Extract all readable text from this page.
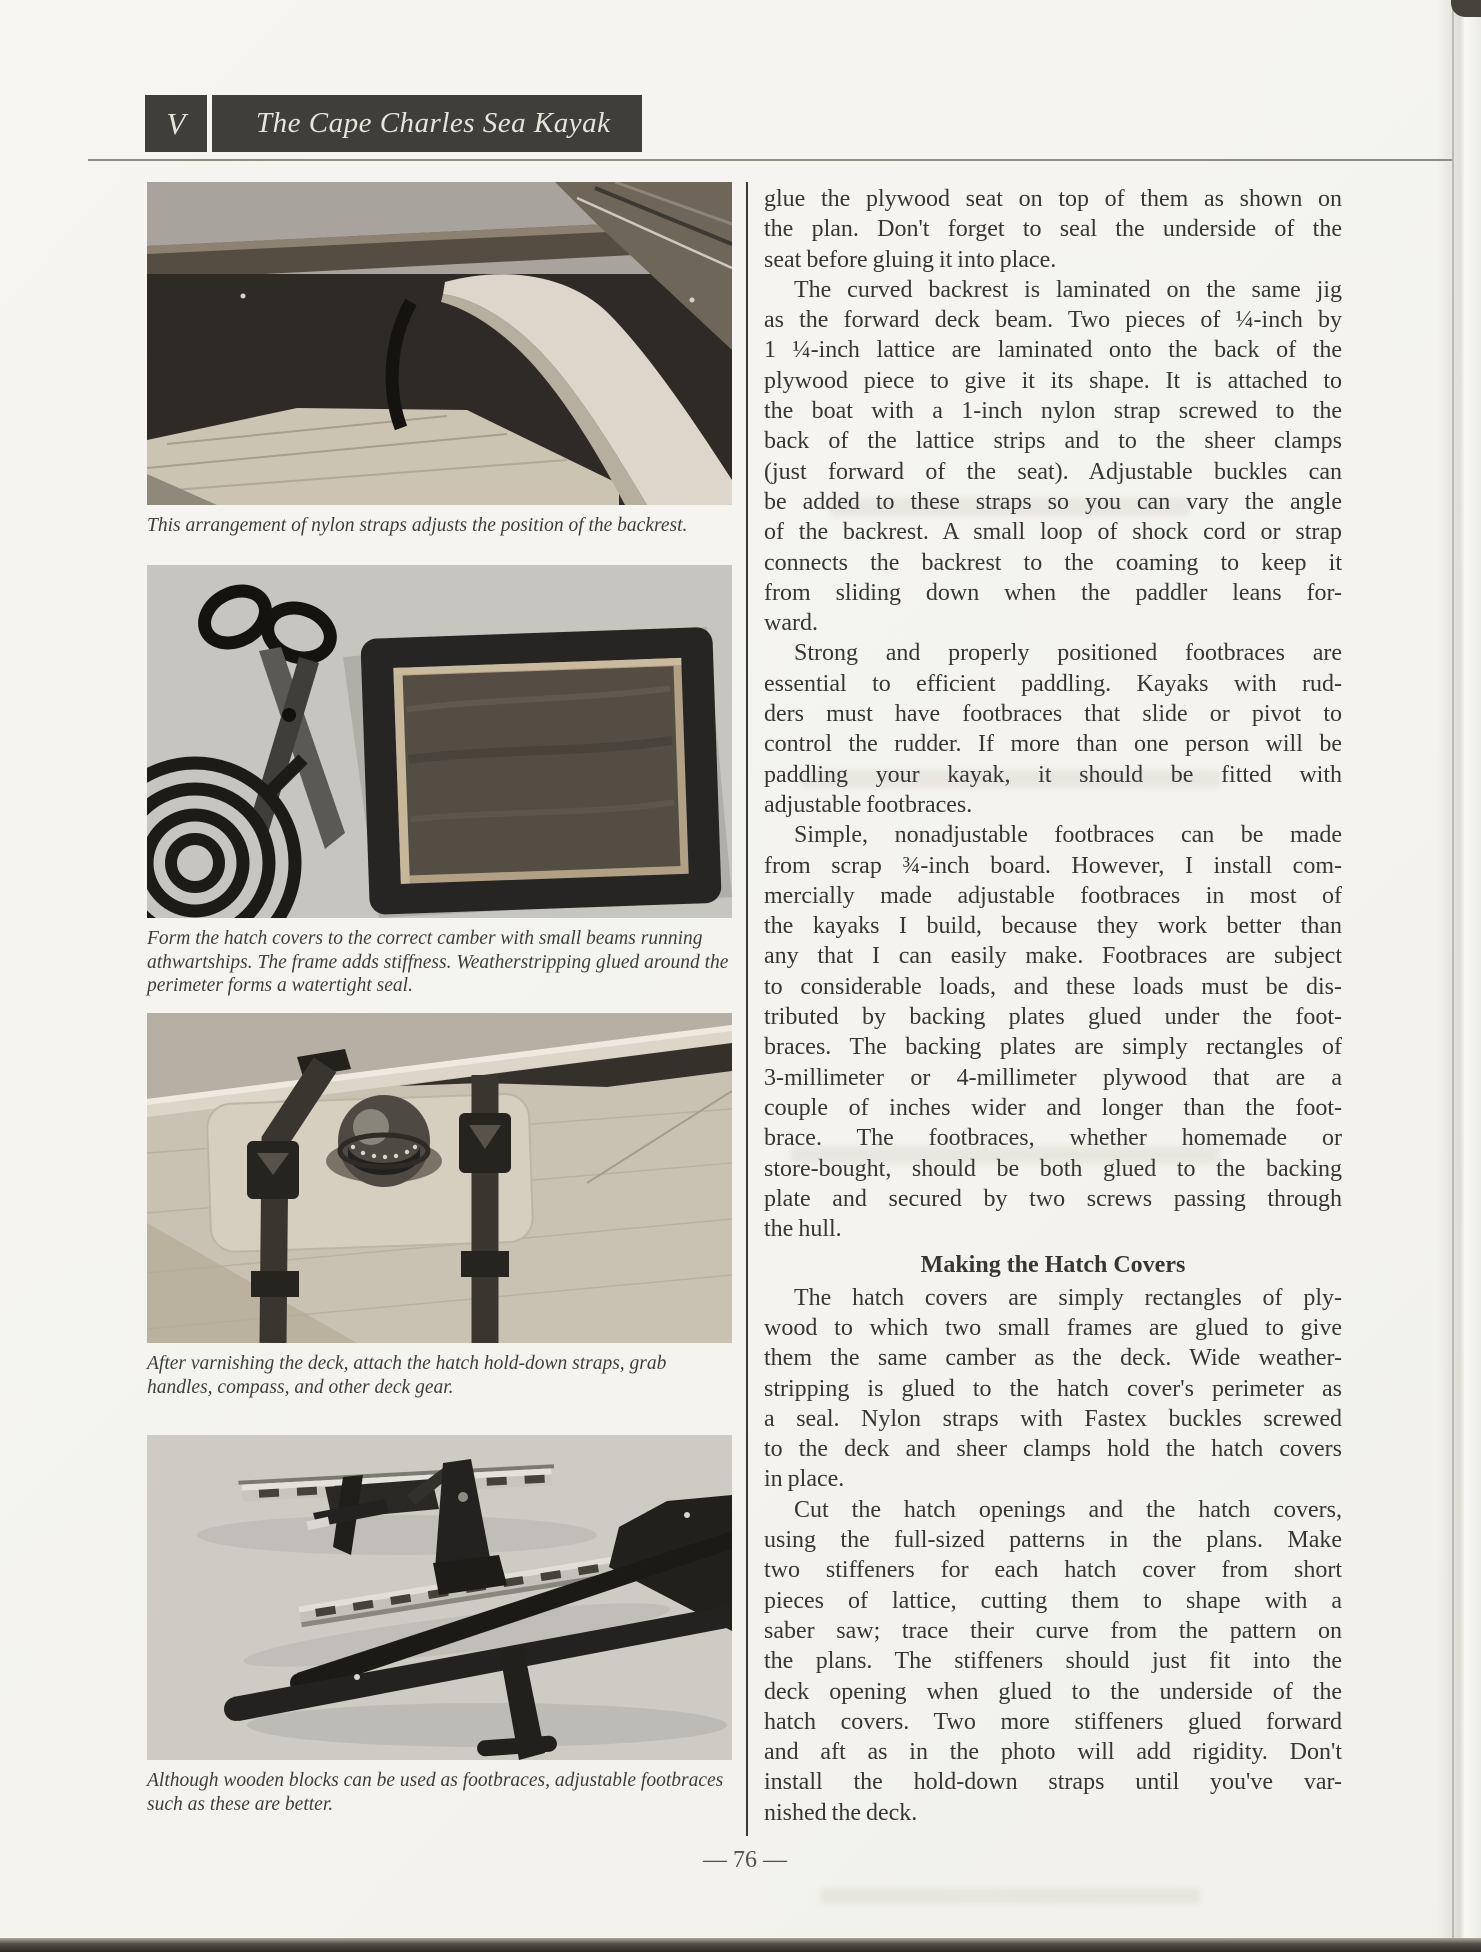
V The Cape Charles Sea Kayak
This arrangement of nylon straps adjusts the position of the backrest.
Form the hatch covers to the correct camber with small beams running athwartships. The frame adds stiffness. Weatherstripping glued around the perimeter forms a watertight seal.
After varnishing the deck, attach the hatch hold-down straps, grab handles, compass, and other deck gear.
Although wooden blocks can be used as footbraces, adjustable footbraces such as these are better.
glue the plywood seat on top of them as shown on
the plan. Don't forget to seal the underside of the
seat before gluing it into place.
The curved backrest is laminated on the same jig
as the forward deck beam. Two pieces of ¼-inch by
1 ¼-inch lattice are laminated onto the back of the
plywood piece to give it its shape. It is attached to
the boat with a 1-inch nylon strap screwed to the
back of the lattice strips and to the sheer clamps
(just forward of the seat). Adjustable buckles can
be added to these straps so you can vary the angle
of the backrest. A small loop of shock cord or strap
connects the backrest to the coaming to keep it
from sliding down when the paddler leans for-
ward.
Strong and properly positioned footbraces are
essential to efficient paddling. Kayaks with rud-
ders must have footbraces that slide or pivot to
control the rudder. If more than one person will be
paddling your kayak, it should be fitted with
adjustable footbraces.
Simple, nonadjustable footbraces can be made
from scrap ¾-inch board. However, I install com-
mercially made adjustable footbraces in most of
the kayaks I build, because they work better than
any that I can easily make. Footbraces are subject
to considerable loads, and these loads must be dis-
tributed by backing plates glued under the foot-
braces. The backing plates are simply rectangles of
3-millimeter or 4-millimeter plywood that are a
couple of inches wider and longer than the foot-
brace. The footbraces, whether homemade or
store-bought, should be both glued to the backing
plate and secured by two screws passing through
the hull.
Making the Hatch Covers
The hatch covers are simply rectangles of ply-
wood to which two small frames are glued to give
them the same camber as the deck. Wide weather-
stripping is glued to the hatch cover's perimeter as
a seal. Nylon straps with Fastex buckles screwed
to the deck and sheer clamps hold the hatch covers
in place.
Cut the hatch openings and the hatch covers,
using the full-sized patterns in the plans. Make
two stiffeners for each hatch cover from short
pieces of lattice, cutting them to shape with a
saber saw; trace their curve from the pattern on
the plans. The stiffeners should just fit into the
deck opening when glued to the underside of the
hatch covers. Two more stiffeners glued forward
and aft as in the photo will add rigidity. Don't
install the hold-down straps until you've var-
nished the deck.
— 76 —
